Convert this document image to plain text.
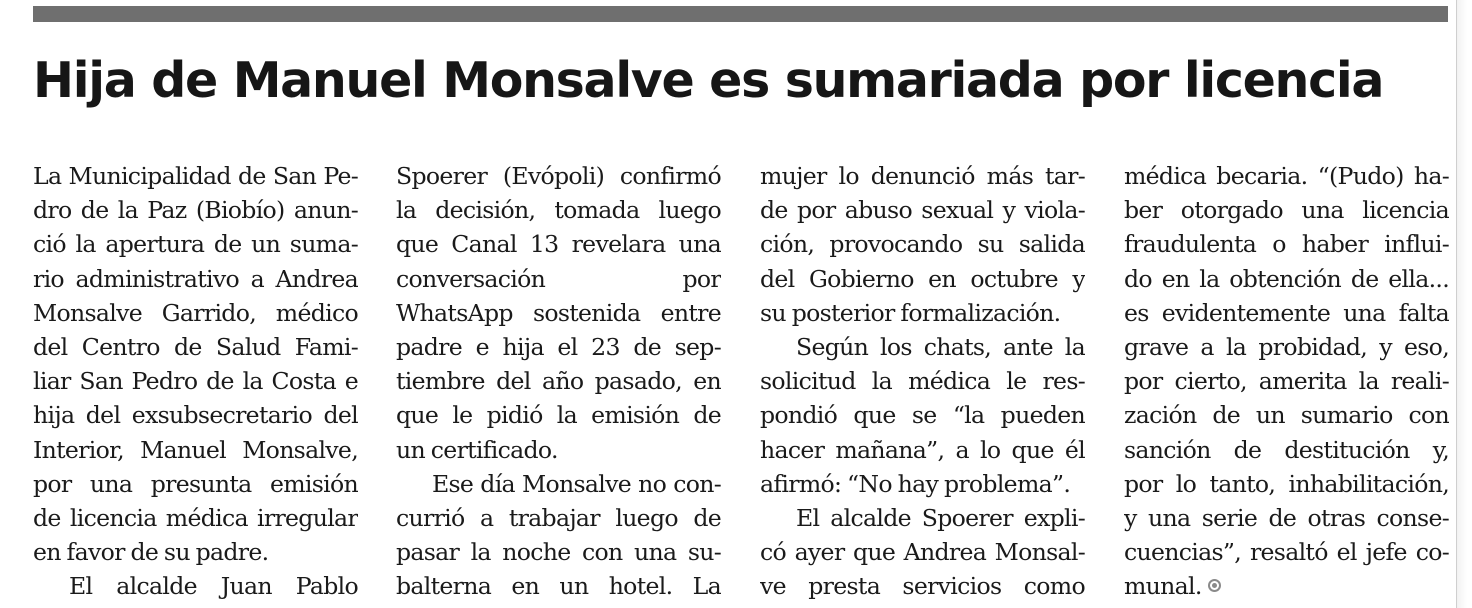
Hija de Manuel Monsalve es sumariada por licencia
La Municipalidad de San Pe-
dro de la Paz (Biobío) anun-
ció la apertura de un suma-
rio administrativo a Andrea
Monsalve Garrido, médico
del Centro de Salud Fami-
liar San Pedro de la Costa e
hija del exsubsecretario del
Interior, Manuel Monsalve,
por una presunta emisión
de licencia médica irregular
en favor de su padre.
El alcalde Juan Pablo
Spoerer (Evópoli) confirmó
la decisión, tomada luego
que Canal 13 revelara una
conversación por
WhatsApp sostenida entre
padre e hija el 23 de sep-
tiembre del año pasado, en
que le pidió la emisión de
un certificado.
Ese día Monsalve no con-
currió a trabajar luego de
pasar la noche con una su-
balterna en un hotel. La
mujer lo denunció más tar-
de por abuso sexual y viola-
ción, provocando su salida
del Gobierno en octubre y
su posterior formalización.
Según los chats, ante la
solicitud la médica le res-
pondió que se “la pueden
hacer mañana”, a lo que él
afirmó: “No hay problema”.
El alcalde Spoerer expli-
có ayer que Andrea Monsal-
ve presta servicios como
médica becaria. “(Pudo) ha-
ber otorgado una licencia
fraudulenta o haber influi-
do en la obtención de ella...
es evidentemente una falta
grave a la probidad, y eso,
por cierto, amerita la reali-
zación de un sumario con
sanción de destitución y,
por lo tanto, inhabilitación,
y una serie de otras conse-
cuencias”, resaltó el jefe co-
munal.
